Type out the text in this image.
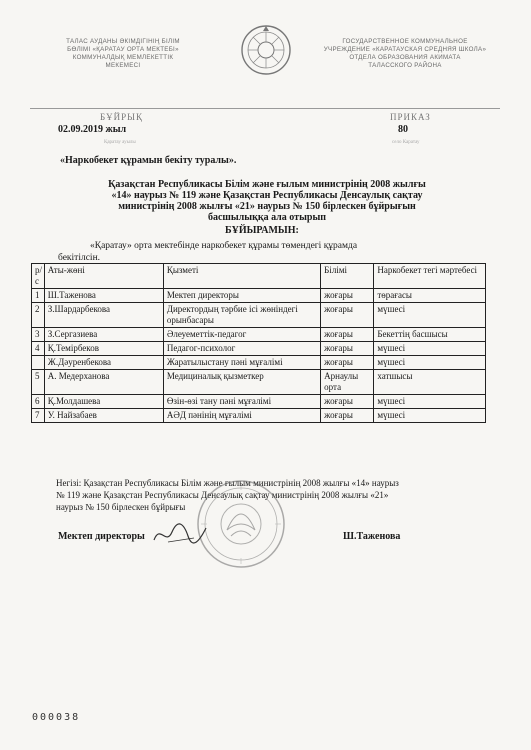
ТАЛАС АУДАНЫ ӘКІМДІГІНІҢ БІЛІМ
БӨЛІМІ «ҚАРАТАУ ОРТА МЕКТЕБІ»
КОММУНАЛДЫҚ МЕМЛЕКЕТТІК
МЕКЕМЕСІ
ГОСУДАРСТВЕННОЕ КОММУНАЛЬНОЕ
УЧРЕЖДЕНИЕ «КАРАТАУСКАЯ СРЕДНЯЯ ШКОЛА»
ОТДЕЛА ОБРАЗОВАНИЯ АКИМАТА
ТАЛАССКОГО РАЙОНА
БҰЙРЫҚ	ПРИКАЗ
02.09.2019 жыл	80
Қаратау ауылы	село Каратау
«Наркобекет құрамын бекіту туралы».
Қазақстан Республикасы Білім және ғылым министрінің 2008 жылғы
«14» наурыз № 119 және Қазақстан Республикасы Денсаулық сақтау
министрінің 2008 жылғы «21» наурыз № 150 бірлескен бұйрығын
басшылыққа ала отырып
БҰЙЫРАМЫН:
«Қаратау» орта мектебінде наркобекет құрамы төмендегі құрамда
бекітілсін.
р/с	Аты-жөні	Қызметі	Білімі	Наркобекет тегі мәртебесі
1	Ш.Таженова	Мектеп директоры	жоғары	төрағасы
2	З.Шардарбекова	Директордың тәрбие ісі жөніндегі орынбасары	жоғары	мүшесі
3	З.Сергазиева	Әлеуеметтік-педагог	жоғары	Бекеттің басшысы
4	Қ.Темірбеков	Педагог-психолог	жоғары	мүшесі
	Ж.Дәуренбекова	Жаратылыстану пәні мұғалімі	жоғары	мүшесі
5	А. Медерханова	Медициналық қызметкер	Арнаулы орта	хатшысы
6	Қ.Молдашева	Өзін-өзі тану пәні мұғалімі	жоғары	мүшесі
7	У. Найзабаев	АӘД пәнінің мұғалімі	жоғары	мүшесі
Негізі: Қазақстан Республикасы Білім және ғылым министрінің 2008 жылғы «14» наурыз
№ 119 және Қазақстан Республикасы Денсаулық сақтау министрінің 2008 жылғы «21»
наурыз № 150 бірлескен бұйрығы
Мектеп директоры	Ш.Таженова
000038
